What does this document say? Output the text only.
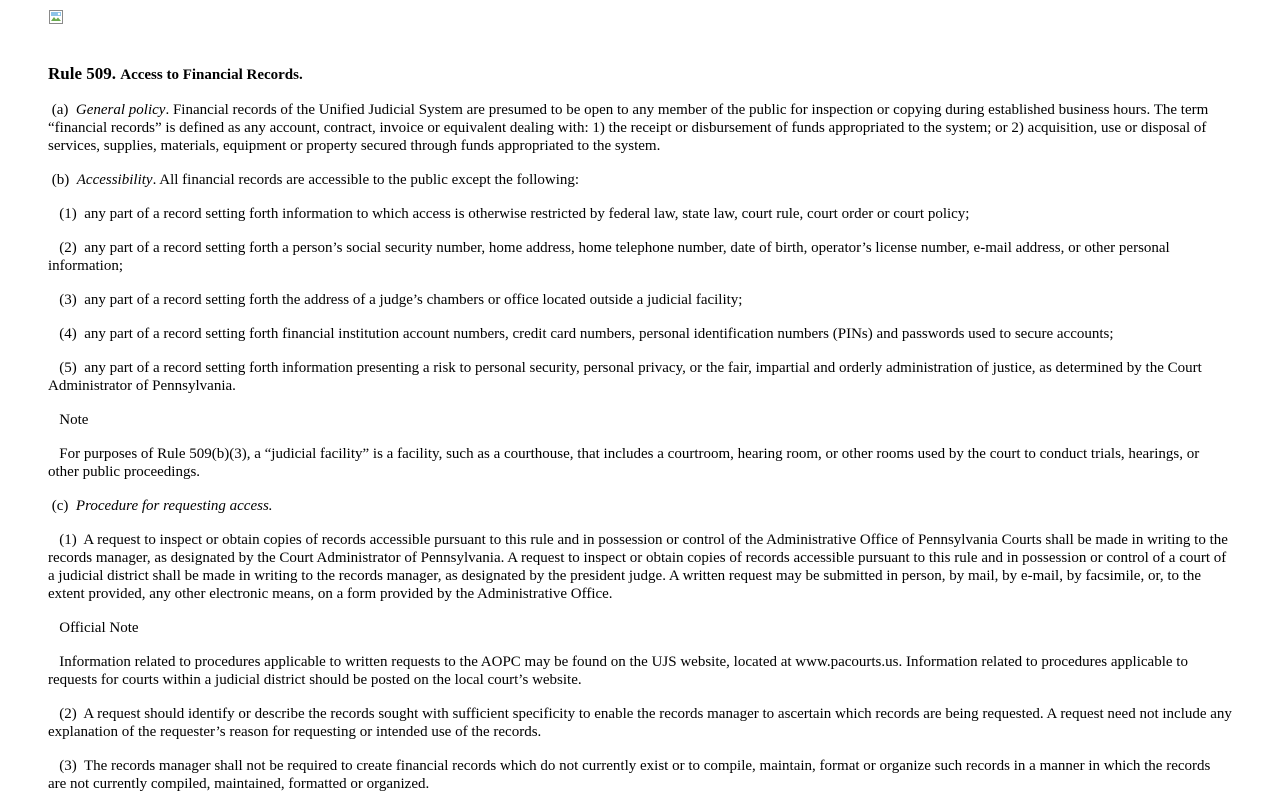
Rule 509. Access to Financial Records.

(a)  General policy. Financial records of the Unified Judicial System are presumed to be open to any member of the public for inspection or copying during established business hours. The term “financial records” is defined as any account, contract, invoice or equivalent dealing with: 1) the receipt or disbursement of funds appropriated to the system; or 2) acquisition, use or disposal of services, supplies, materials, equipment or property secured through funds appropriated to the system.

(b)  Accessibility. All financial records are accessible to the public except the following:

(1)  any part of a record setting forth information to which access is otherwise restricted by federal law, state law, court rule, court order or court policy;

(2)  any part of a record setting forth a person’s social security number, home address, home telephone number, date of birth, operator’s license number, e-mail address, or other personal information;

(3)  any part of a record setting forth the address of a judge’s chambers or office located outside a judicial facility;

(4)  any part of a record setting forth financial institution account numbers, credit card numbers, personal identification numbers (PINs) and passwords used to secure accounts;

(5)  any part of a record setting forth information presenting a risk to personal security, personal privacy, or the fair, impartial and orderly administration of justice, as determined by the Court Administrator of Pennsylvania.

Note

For purposes of Rule 509(b)(3), a “judicial facility” is a facility, such as a courthouse, that includes a courtroom, hearing room, or other rooms used by the court to conduct trials, hearings, or other public proceedings.

(c)  Procedure for requesting access.

(1)  A request to inspect or obtain copies of records accessible pursuant to this rule and in possession or control of the Administrative Office of Pennsylvania Courts shall be made in writing to the records manager, as designated by the Court Administrator of Pennsylvania. A request to inspect or obtain copies of records accessible pursuant to this rule and in possession or control of a court of a judicial district shall be made in writing to the records manager, as designated by the president judge. A written request may be submitted in person, by mail, by e-mail, by facsimile, or, to the extent provided, any other electronic means, on a form provided by the Administrative Office.

Official Note

Information related to procedures applicable to written requests to the AOPC may be found on the UJS website, located at www.pacourts.us. Information related to procedures applicable to requests for courts within a judicial district should be posted on the local court’s website.

(2)  A request should identify or describe the records sought with sufficient specificity to enable the records manager to ascertain which records are being requested. A request need not include any explanation of the requester’s reason for requesting or intended use of the records.

(3)  The records manager shall not be required to create financial records which do not currently exist or to compile, maintain, format or organize such records in a manner in which the records are not currently compiled, maintained, formatted or organized.
